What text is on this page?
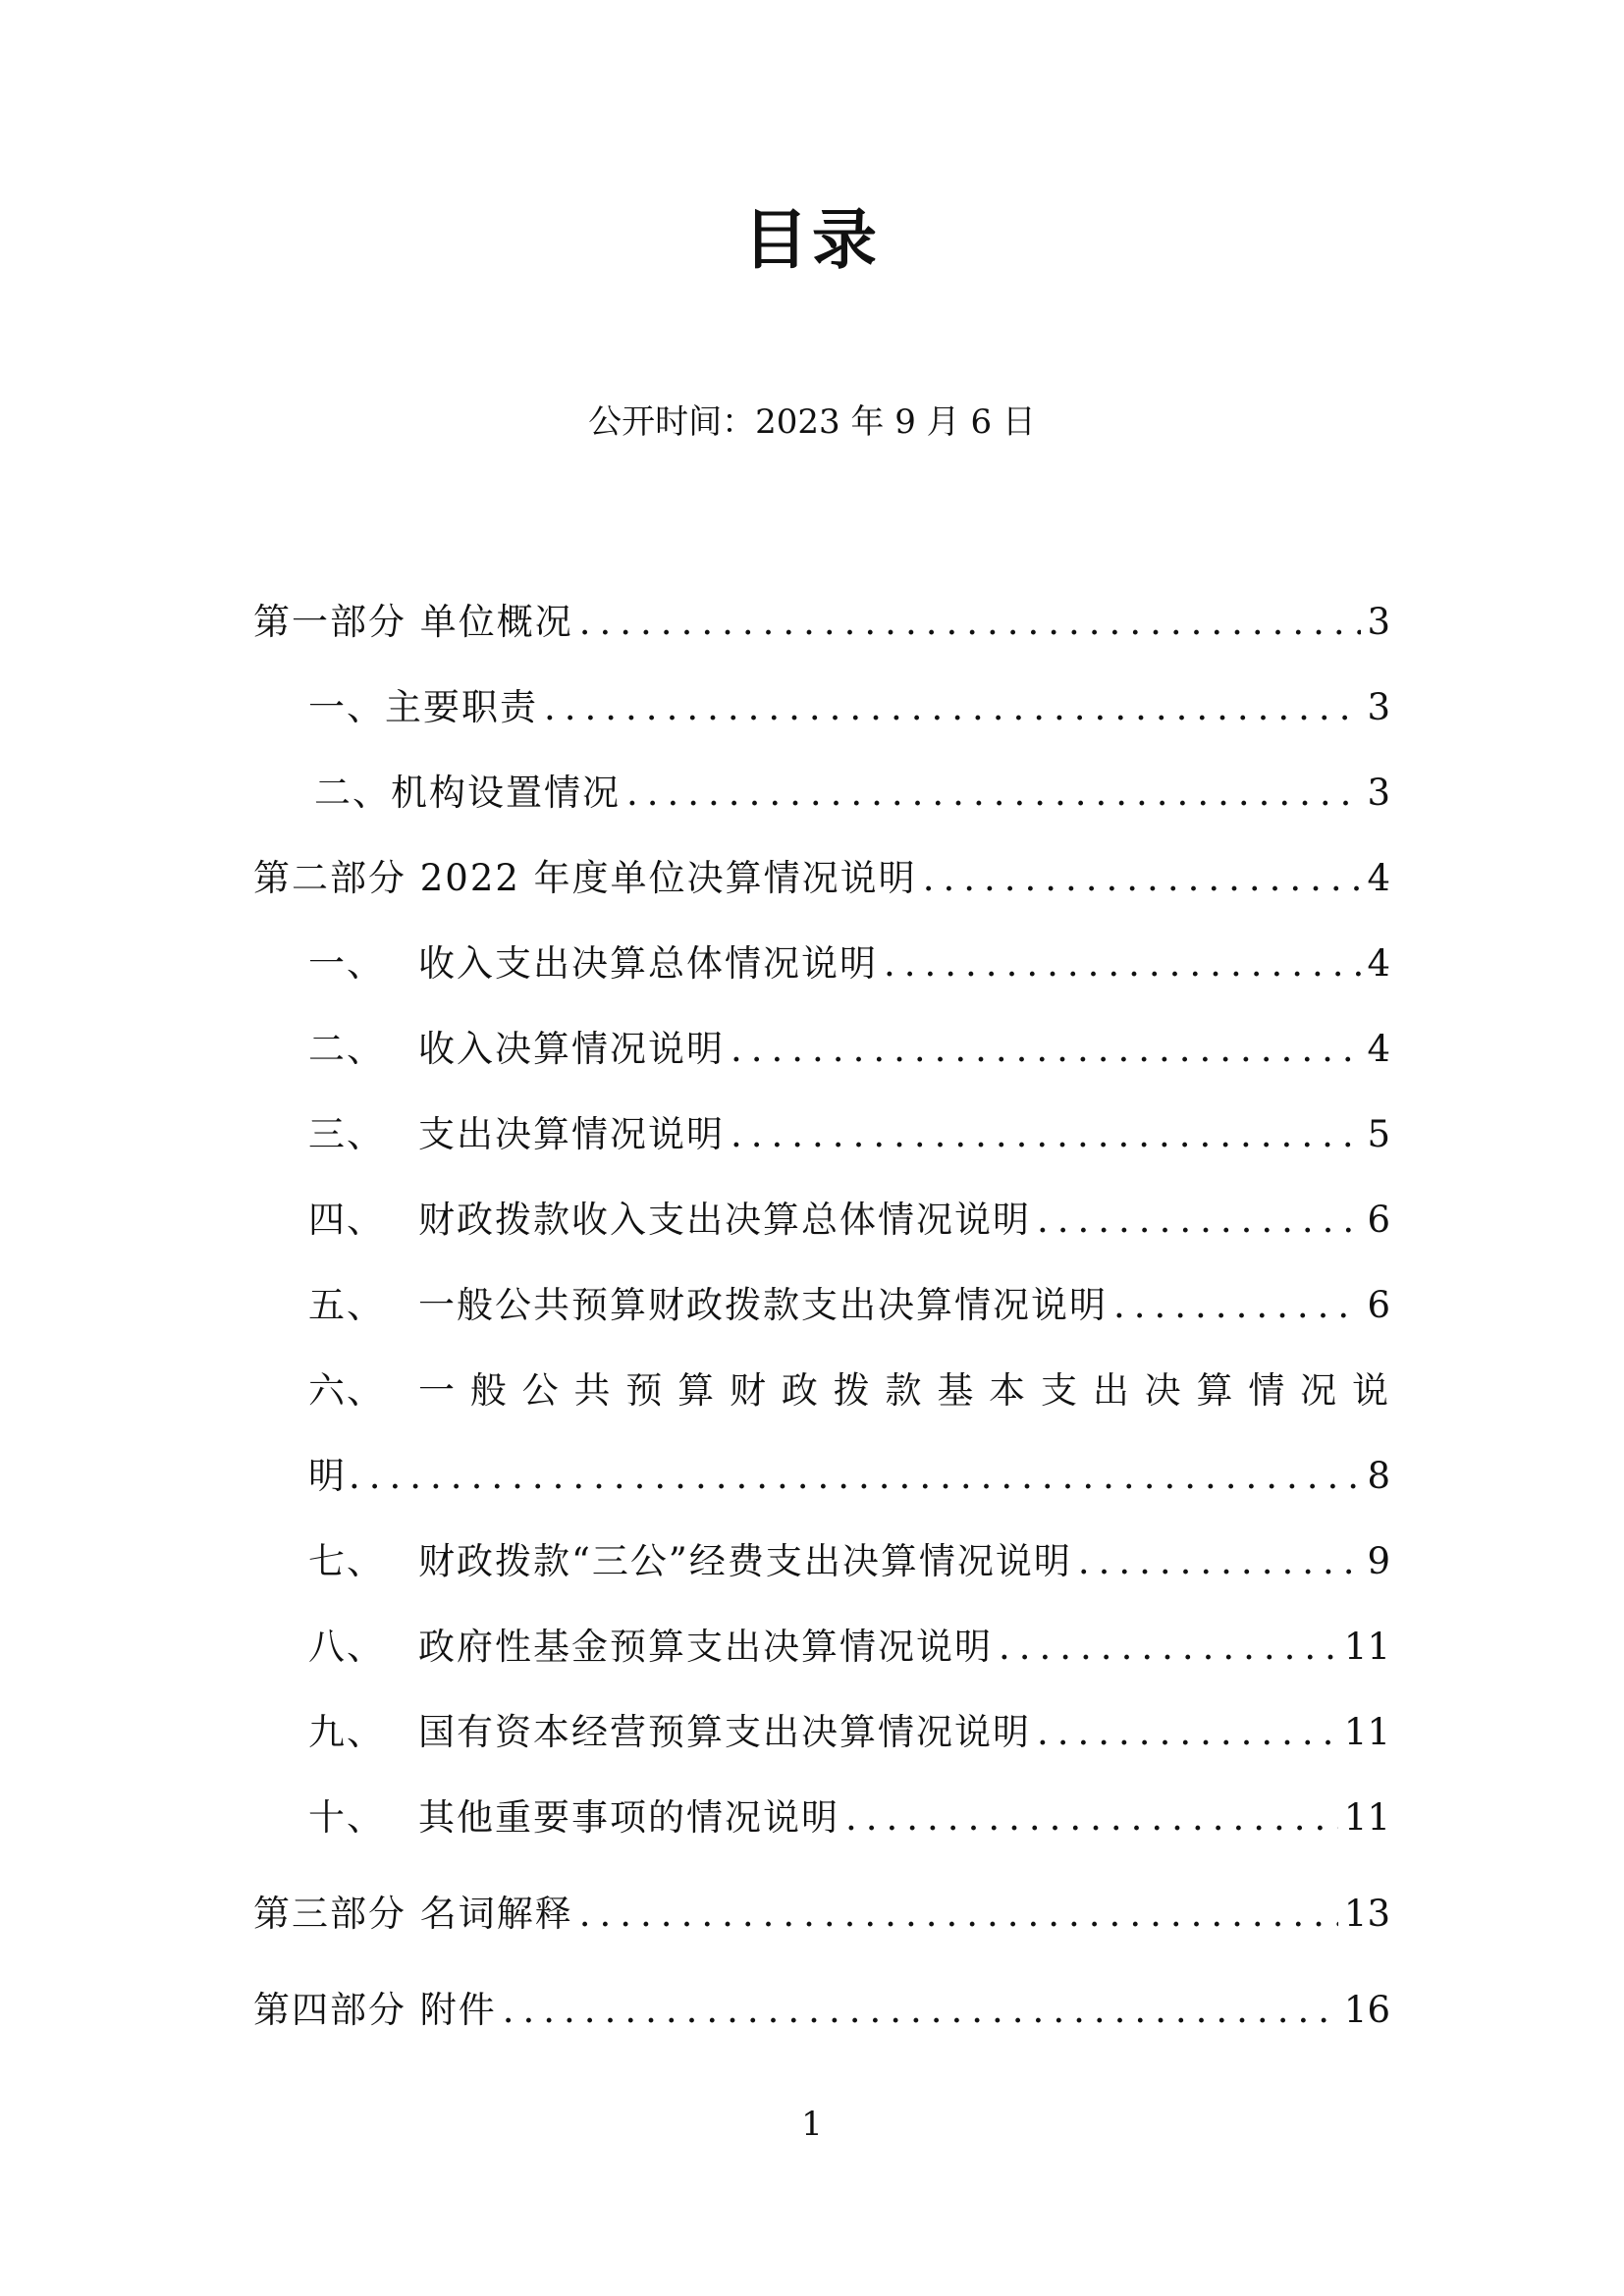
目录
公开时间：2023 年 9 月 6 日
第一部分 单位概况 .....	3
一、主要职责 .....	3
二、机构设置情况 .....	3
第二部分 2022 年度单位决算情况说明 .....	4
一、 收入支出决算总体情况说明 .....	4
二、 收入决算情况说明 .....	4
三、 支出决算情况说明 .....	5
四、 财政拨款收入支出决算总体情况说明 .....	6
五、 一般公共预算财政拨款支出决算情况说明 .....	6
六、 一般公共预算财政拨款基本支出决算情况说
明 .....	8
七、 财政拨款“三公”经费支出决算情况说明 .....	9
八、 政府性基金预算支出决算情况说明 .....	11
九、 国有资本经营预算支出决算情况说明 .....	11
十、 其他重要事项的情况说明 .....	11
第三部分 名词解释 .....	13
第四部分 附件 .....	16
1
